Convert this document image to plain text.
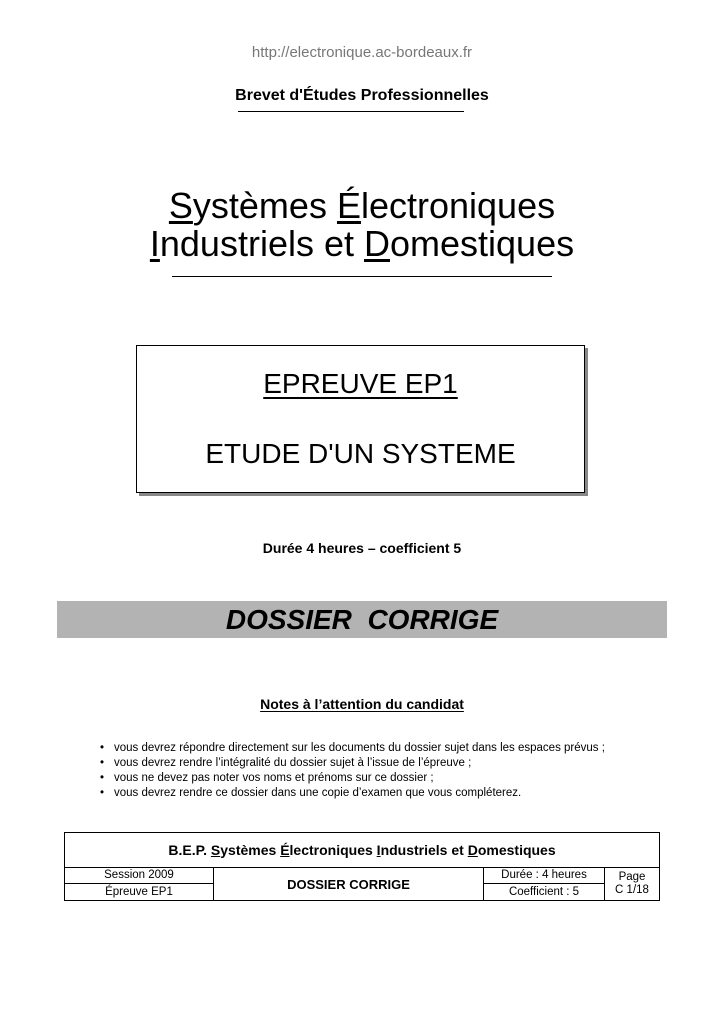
http://electronique.ac-bordeaux.fr
Brevet d'Études Professionnelles
Systèmes Électroniques
Industriels et Domestiques
EPREUVE EP1
ETUDE D'UN SYSTEME
Durée 4 heures – coefficient 5
DOSSIER  CORRIGE
Notes à l’attention du candidat
• vous devrez répondre directement sur les documents du dossier sujet dans les espaces prévus ;
• vous devrez rendre l’intégralité du dossier sujet à l’issue de l’épreuve ;
• vous ne devez pas noter vos noms et prénoms sur ce dossier ;
• vous devrez rendre ce dossier dans une copie d’examen que vous compléterez.
B.E.P. Systèmes Électroniques Industriels et Domestiques
Session 2009
Épreuve EP1	DOSSIER CORRIGE
Durée : 4 heures
Coefficient : 5
Page
C 1/18
